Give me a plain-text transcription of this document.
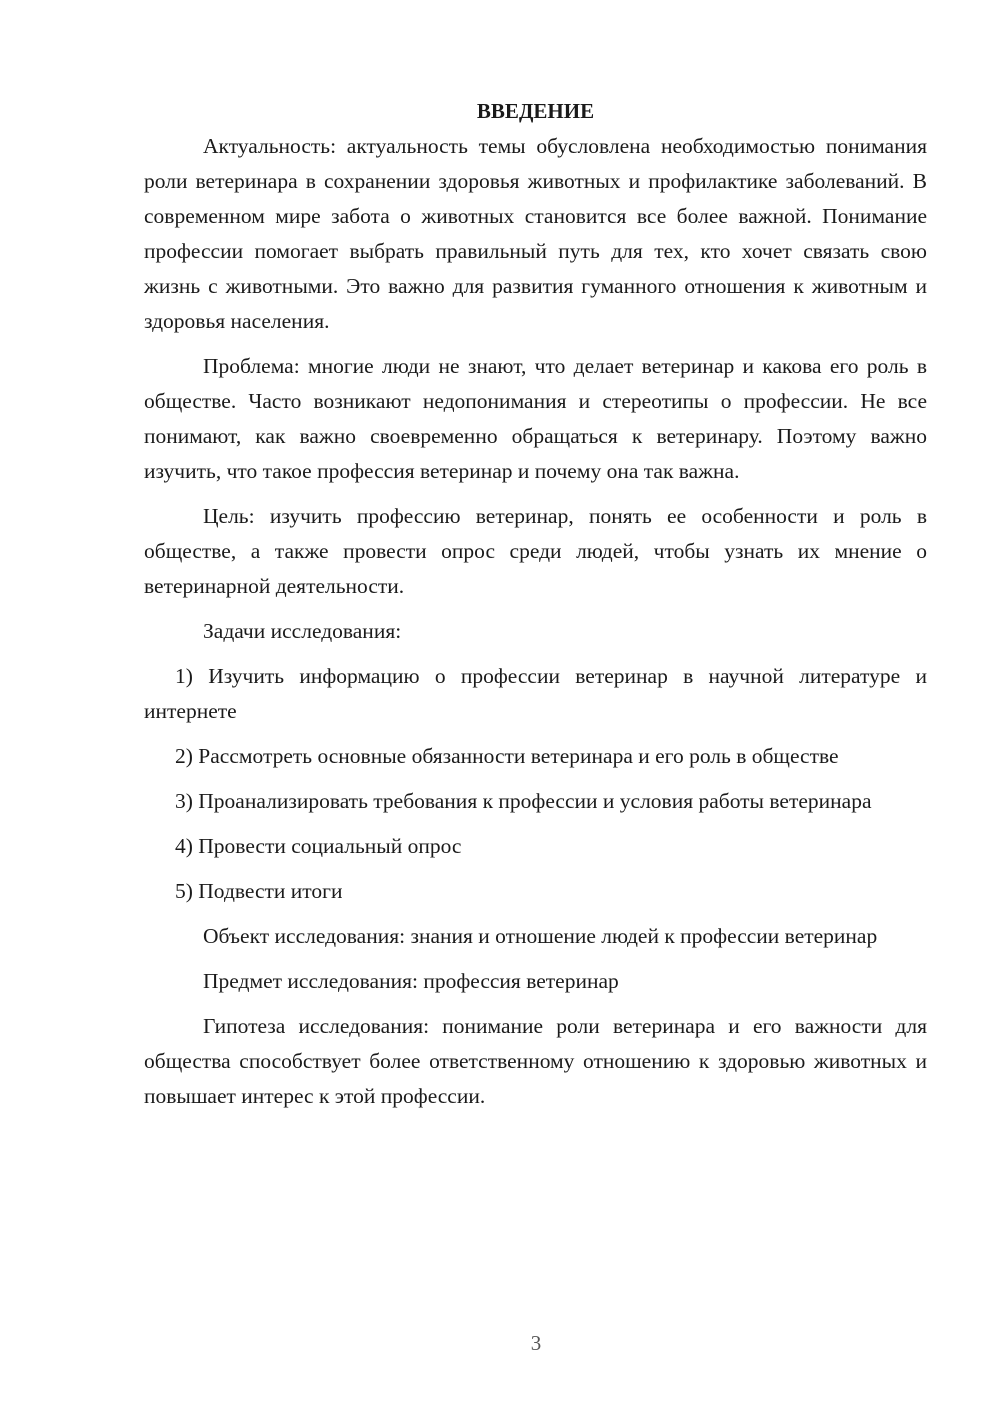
ВВЕДЕНИЕ

Актуальность: актуальность темы обусловлена необходимостью понимания роли ветеринара в сохранении здоровья животных и профилактике заболеваний. В современном мире забота о животных становится все более важной. Понимание профессии помогает выбрать правильный путь для тех, кто хочет связать свою жизнь с животными. Это важно для развития гуманного отношения к животным и здоровья населения.

Проблема: многие люди не знают, что делает ветеринар и какова его роль в обществе. Часто возникают недопонимания и стереотипы о профессии. Не все понимают, как важно своевременно обращаться к ветеринару. Поэтому важно изучить, что такое профессия ветеринар и почему она так важна.

Цель: изучить профессию ветеринар, понять ее особенности и роль в обществе, а также провести опрос среди людей, чтобы узнать их мнение о ветеринарной деятельности.

Задачи исследования:

1) Изучить информацию о профессии ветеринар в научной литературе и интернете

2) Рассмотреть основные обязанности ветеринара и его роль в обществе

3) Проанализировать требования к профессии и условия работы ветеринара

4) Провести социальный опрос

5) Подвести итоги

Объект исследования: знания и отношение людей к профессии ветеринар

Предмет исследования: профессия ветеринар

Гипотеза исследования: понимание роли ветеринара и его важности для общества способствует более ответственному отношению к здоровью животных и повышает интерес к этой профессии.

3
